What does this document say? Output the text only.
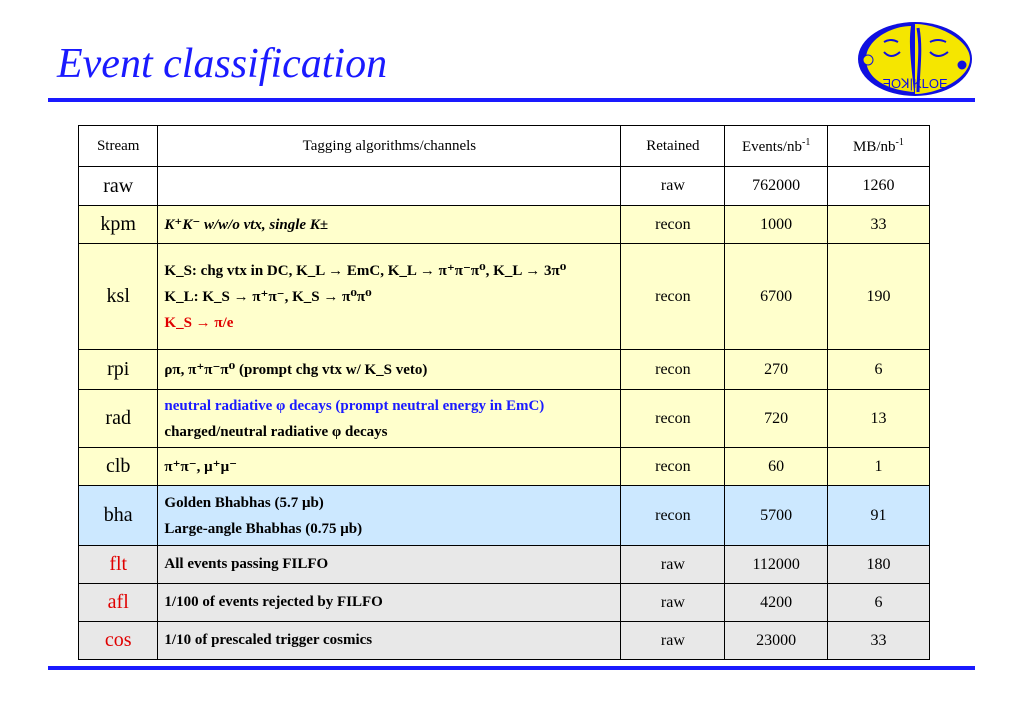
Event classification	ƎOꓘ|KLOE
Stream	Tagging algorithms/channels	Retained	Events/$nb^{-1}$	$MB/nb^{-1}$
raw		raw	762000	1260
kpm	K⁺K⁻ w/w/o vtx, single K±	recon	1000	33
ksl	K_S: chg vtx in DC, K_L → EmC, K_L → π⁺π⁻π⁰, K_L → 3π⁰
K_L: K_S → π⁺π⁻, K_S → π⁰π⁰
K_S → π/e	recon	6700	190
rpi	ρπ, π⁺π⁻π⁰ (prompt chg vtx w/ K_S veto)	recon	270	6
rad	neutral radiative φ decays (prompt neutral energy in EmC)
charged/neutral radiative φ decays	recon	720	13
clb	π⁺π⁻, μ⁺μ⁻	recon	60	1
bha	Golden Bhabhas (5.7 μb)
Large-angle Bhabhas (0.75 μb)	recon	5700	91
flt	All events passing FILFO	raw	112000	180
afl	1/100 of events rejected by FILFO	raw	4200	6
cos	1/10 of prescaled trigger cosmics	raw	23000	33
